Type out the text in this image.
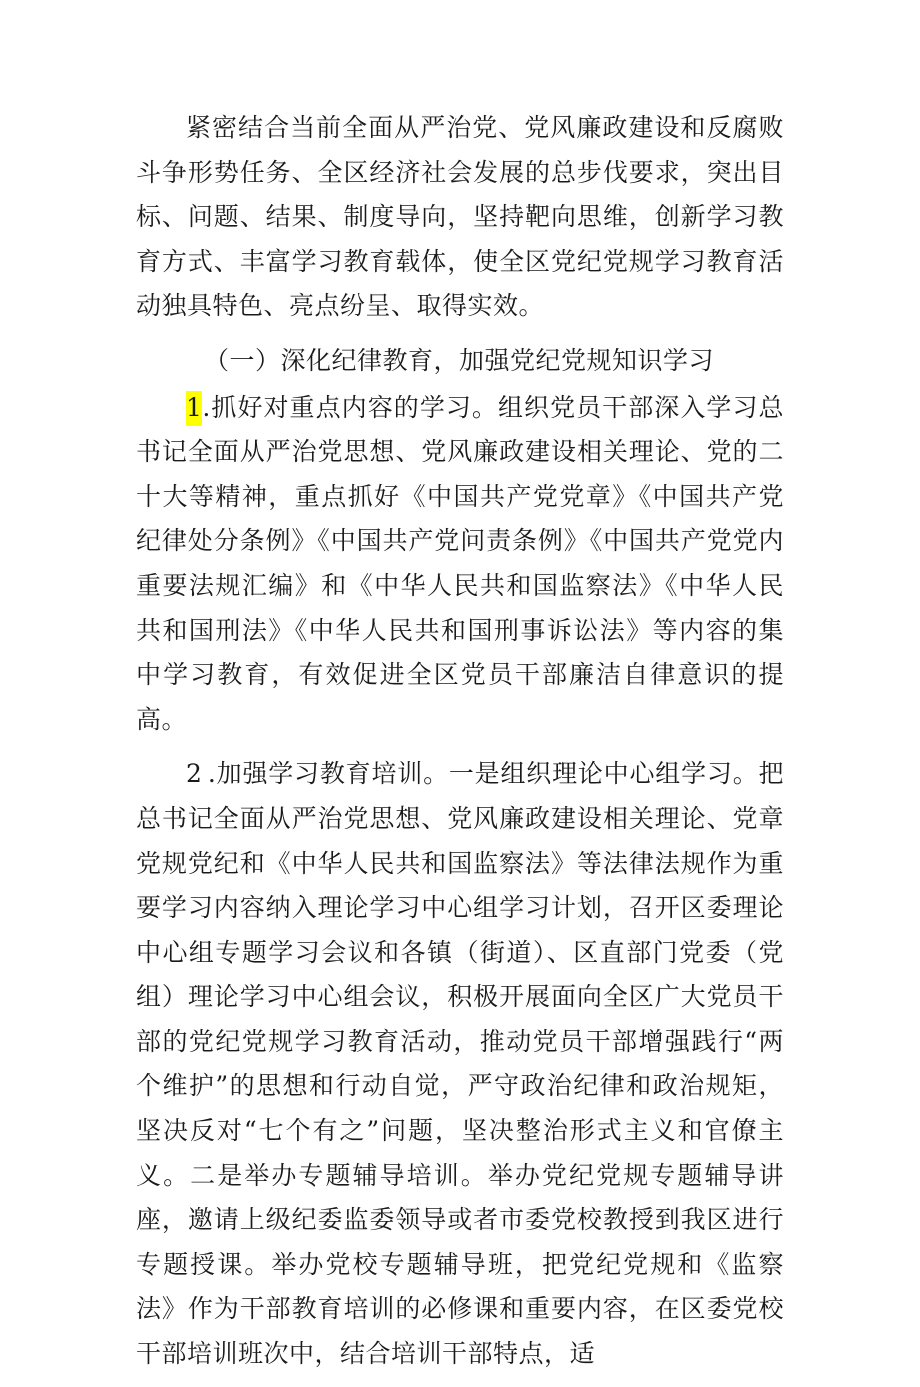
紧密结合当前全面从严治党、党风廉政建设和反腐败斗争形势任务、全区经济社会发展的总步伐要求，突出目标、问题、结果、制度导向，坚持靶向思维，创新学习教育方式、丰富学习教育载体，使全区党纪党规学习教育活动独具特色、亮点纷呈、取得实效。

（一）深化纪律教育，加强党纪党规知识学习

1.抓好对重点内容的学习。组织党员干部深入学习总书记全面从严治党思想、党风廉政建设相关理论、党的二十大等精神，重点抓好《中国共产党党章》《中国共产党纪律处分条例》《中国共产党问责条例》《中国共产党党内重要法规汇编》和《中华人民共和国监察法》《中华人民共和国刑法》《中华人民共和国刑事诉讼法》等内容的集中学习教育，有效促进全区党员干部廉洁自律意识的提高。

2.加强学习教育培训。一是组织理论中心组学习。把总书记全面从严治党思想、党风廉政建设相关理论、党章党规党纪和《中华人民共和国监察法》等法律法规作为重要学习内容纳入理论学习中心组学习计划，召开区委理论中心组专题学习会议和各镇（街道）、区直部门党委（党组）理论学习中心组会议，积极开展面向全区广大党员干部的党纪党规学习教育活动，推动党员干部增强践行“两个维护”的思想和行动自觉，严守政治纪律和政治规矩，坚决反对“七个有之”问题，坚决整治形式主义和官僚主义。二是举办专题辅导培训。举办党纪党规专题辅导讲座，邀请上级纪委监委领导或者市委党校教授到我区进行专题授课。举办党校专题辅导班，把党纪党规和《监察法》作为干部教育培训的必修课和重要内容，在区委党校干部培训班次中，结合培训干部特点，适
